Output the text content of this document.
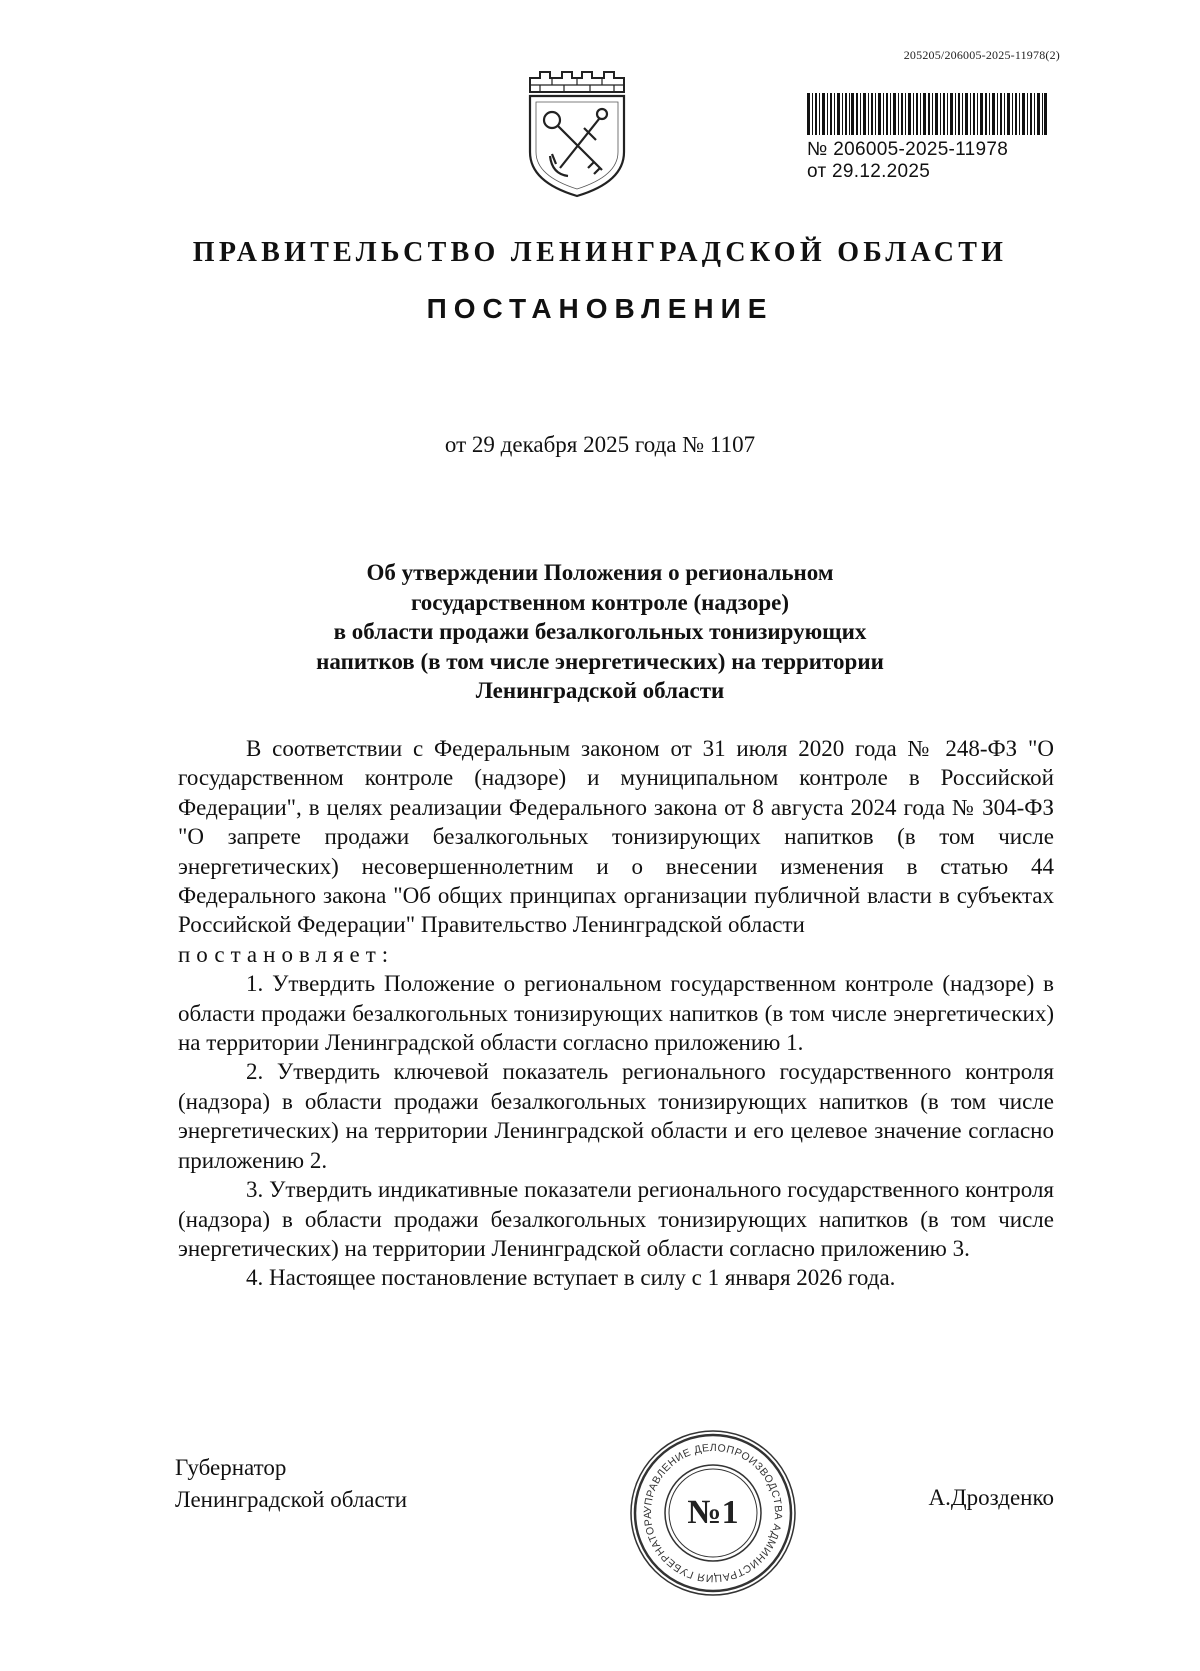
205205/206005-2025-11978(2)
№ 206005-2025-11978
от 29.12.2025
ПРАВИТЕЛЬСТВО ЛЕНИНГРАДСКОЙ ОБЛАСТИ
ПОСТАНОВЛЕНИЕ
от 29 декабря 2025 года № 1107
Об утверждении Положения о региональном
государственном контроле (надзоре)
в области продажи безалкогольных тонизирующих
напитков (в том числе энергетических) на территории
Ленинградской области

В соответствии с Федеральным законом от 31 июля 2020 года № 248-ФЗ "О государственном контроле (надзоре) и муниципальном контроле в Российской Федерации", в целях реализации Федерального закона от 8 августа 2024 года № 304-ФЗ "О запрете продажи безалкогольных тонизирующих напитков (в том числе энергетических) несовершеннолетним и о внесении изменения в статью 44 Федерального закона "Об общих принципах организации публичной власти в субъектах Российской Федерации" Правительство Ленинградской области

постановляет:

1. Утвердить Положение о региональном государственном контроле (надзоре) в области продажи безалкогольных тонизирующих напитков (в том числе энергетических) на территории Ленинградской области согласно приложению 1.

2. Утвердить ключевой показатель регионального государственного контроля (надзора) в области продажи безалкогольных тонизирующих напитков (в том числе энергетических) на территории Ленинградской области и его целевое значение согласно приложению 2.

3. Утвердить индикативные показатели регионального государственного контроля (надзора) в области продажи безалкогольных тонизирующих напитков (в том числе энергетических) на территории Ленинградской области согласно приложению 3.

4. Настоящее постановление вступает в силу с 1 января 2026 года.

Губернатор
Ленинградской области	УПРАВЛЕНИЕ ДЕЛОПРОИЗВОДСТВА АДМИНИСТРАЦИЯ ГУБЕРНАТОРА №1	А.Дрозденко
